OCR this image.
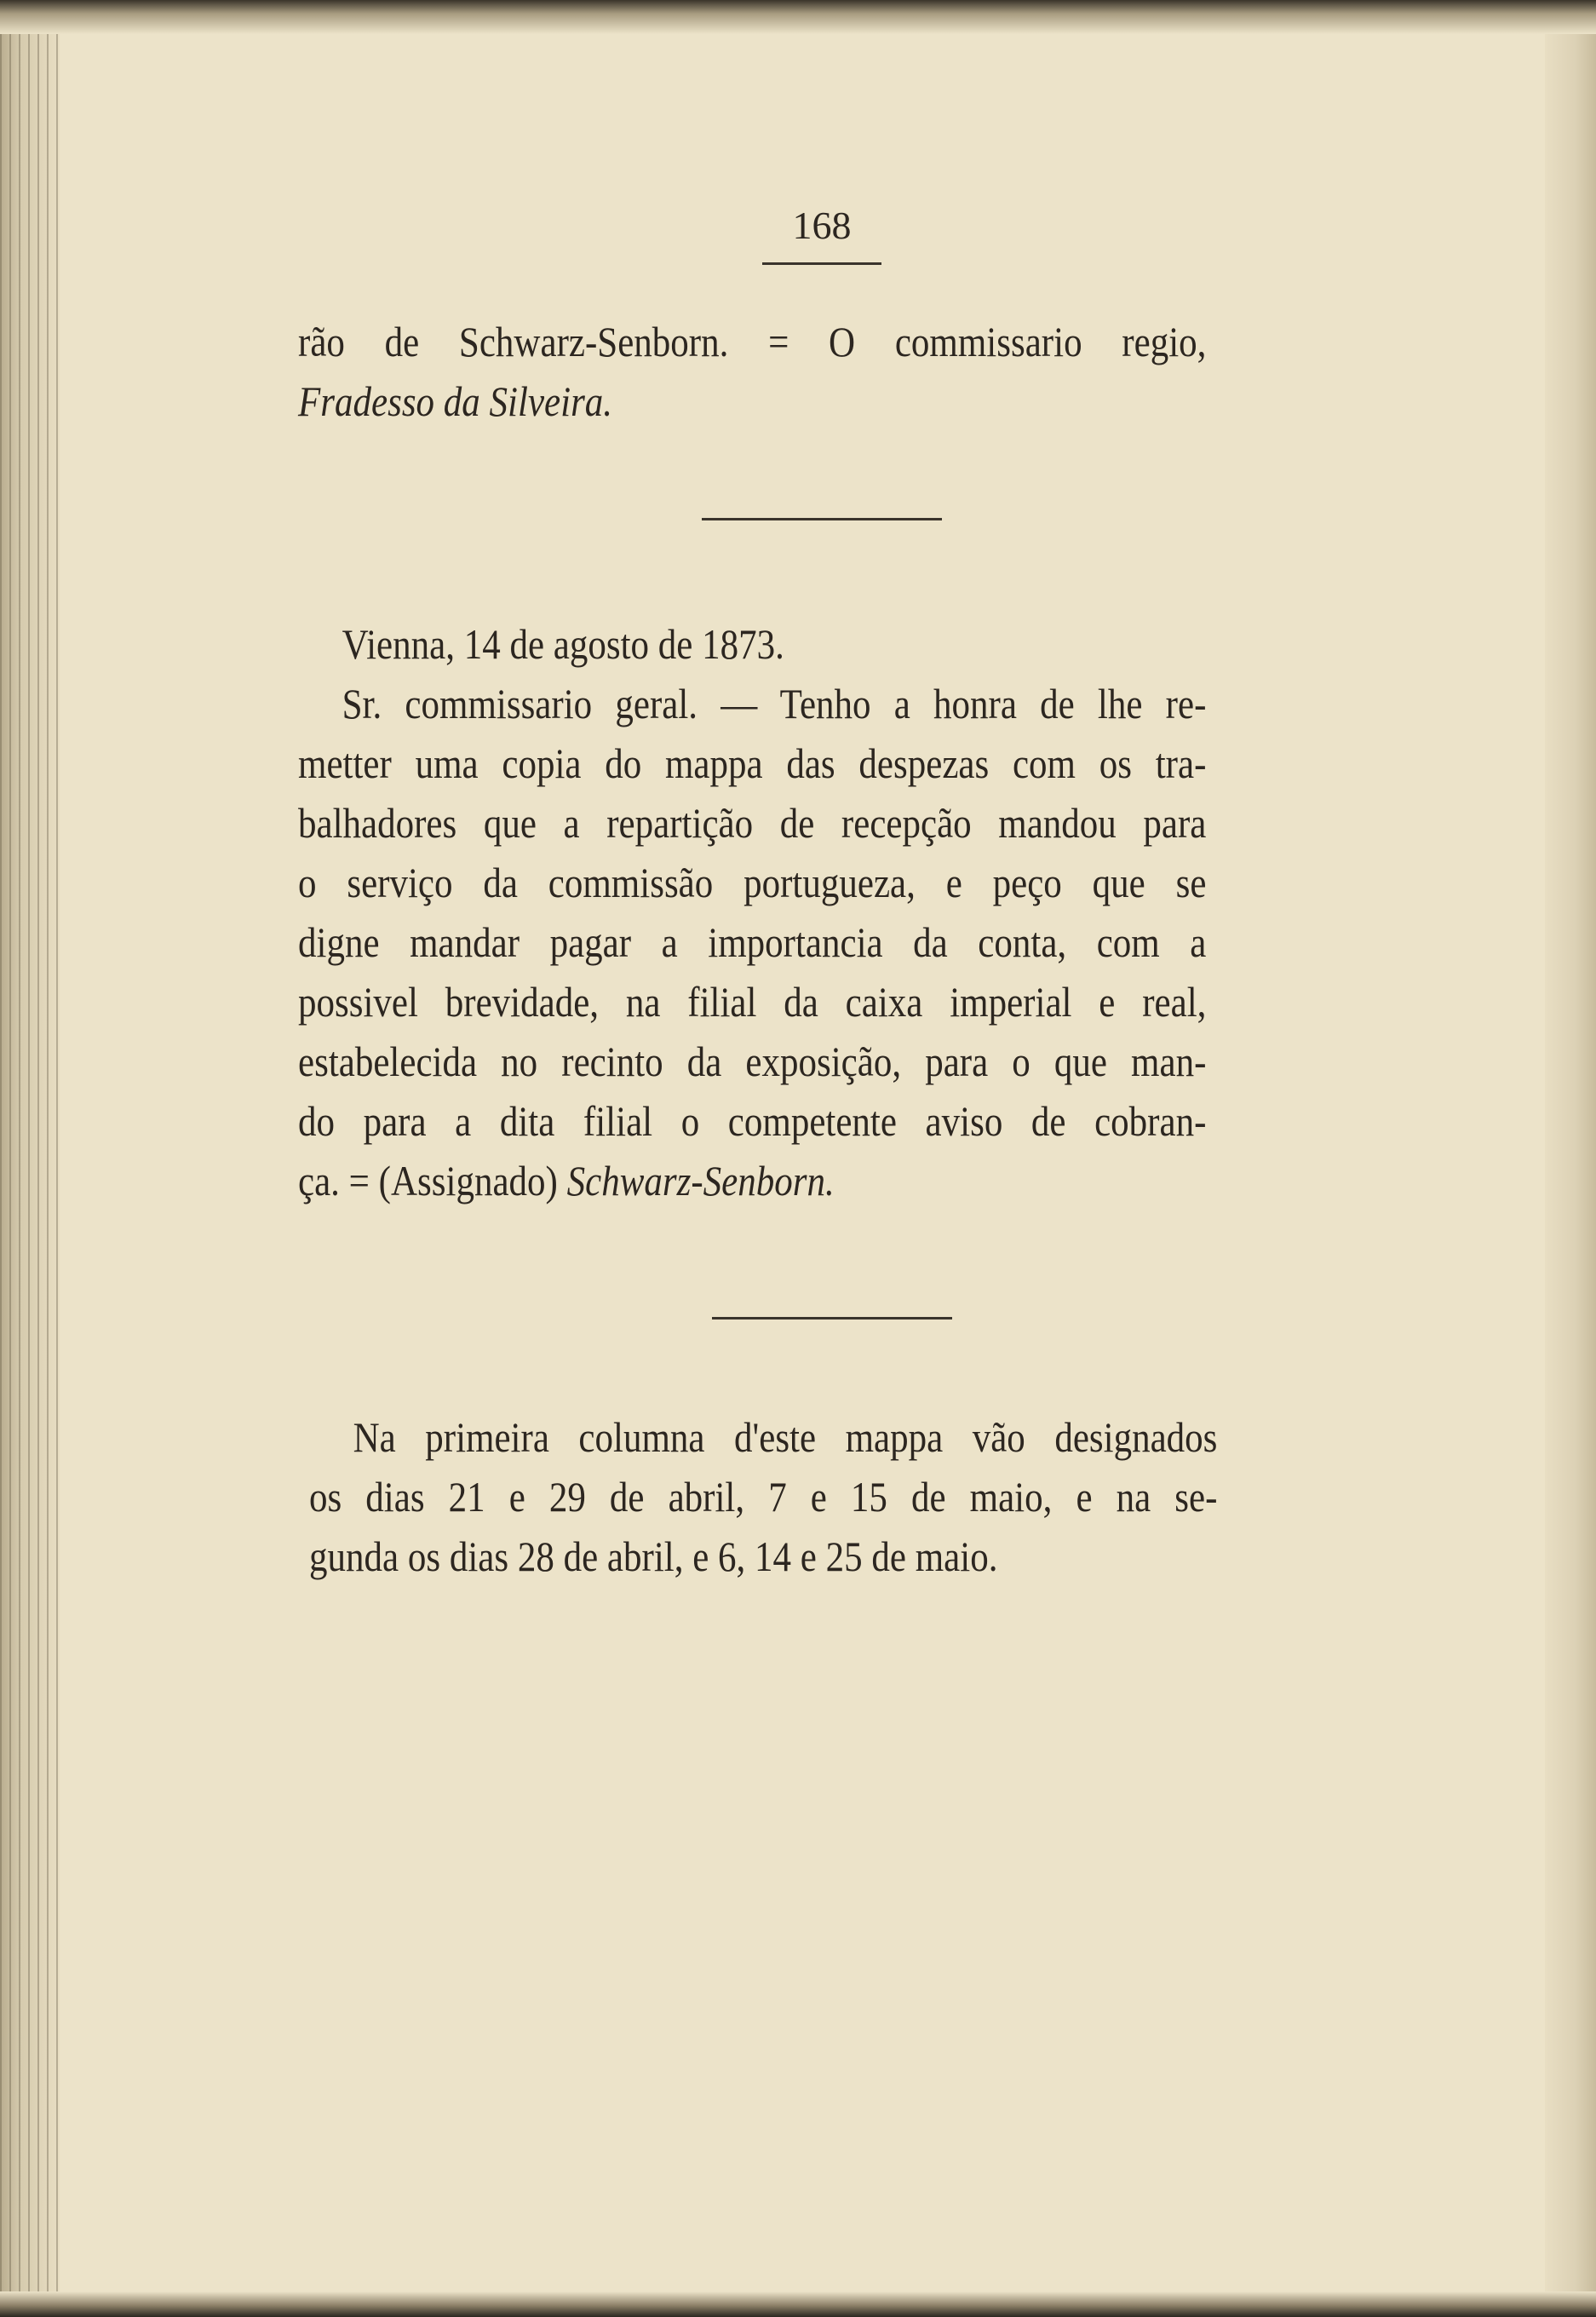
168
rão de Schwarz-Senborn. = O commissario regio,
Fradesso da Silveira.
Vienna, 14 de agosto de 1873.
Sr. commissario geral. — Tenho a honra de lhe re-
metter uma copia do mappa das despezas com os tra-
balhadores que a repartição de recepção mandou para
o serviço da commissão portugueza, e peço que se
digne mandar pagar a importancia da conta, com a
possivel brevidade, na filial da caixa imperial e real,
estabelecida no recinto da exposição, para o que man-
do para a dita filial o competente aviso de cobran-
ça. = (Assignado) Schwarz-Senborn.
Na primeira columna d'este mappa vão designados
os dias 21 e 29 de abril, 7 e 15 de maio, e na se-
gunda os dias 28 de abril, e 6, 14 e 25 de maio.
